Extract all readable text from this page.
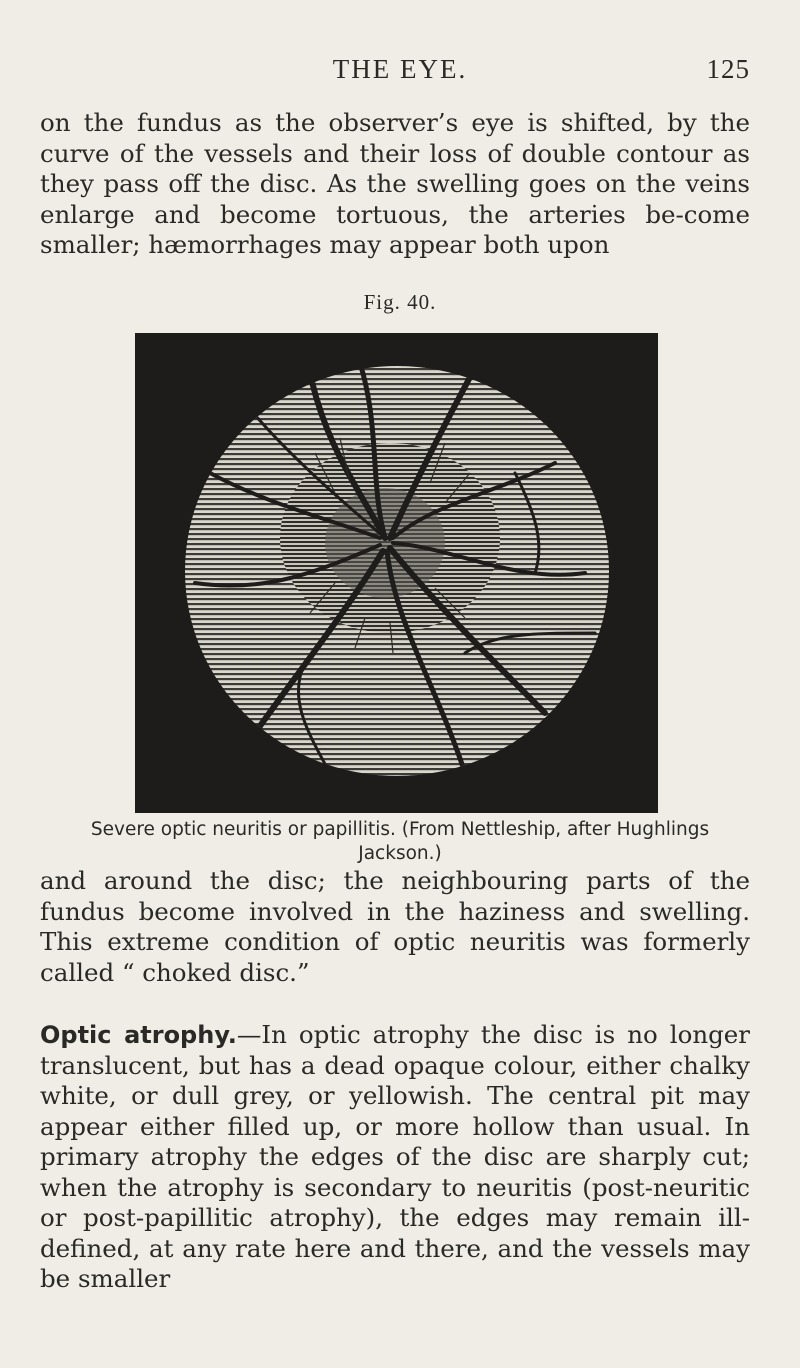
THE EYE.	125

on the fundus as the observer’s eye is shifted, by the curve of the vessels and their loss of double contour as they pass off the disc. As the swelling goes on the veins enlarge and become tortuous, the arteries be-come smaller; hæmorrhages may appear both upon

Fig. 40.
Severe optic neuritis or papillitis. (From Nettleship, after Hughlings Jackson.)

and around the disc; the neighbouring parts of the fundus become involved in the haziness and swelling. This extreme condition of optic neuritis was formerly called “ choked disc.”

Optic atrophy.—In optic atrophy the disc is no longer translucent, but has a dead opaque colour, either chalky white, or dull grey, or yellowish. The central pit may appear either filled up, or more hollow than usual. In primary atrophy the edges of the disc are sharply cut; when the atrophy is secondary to neuritis (post-neuritic or post-papillitic atrophy), the edges may remain ill-defined, at any rate here and there, and the vessels may be smaller
